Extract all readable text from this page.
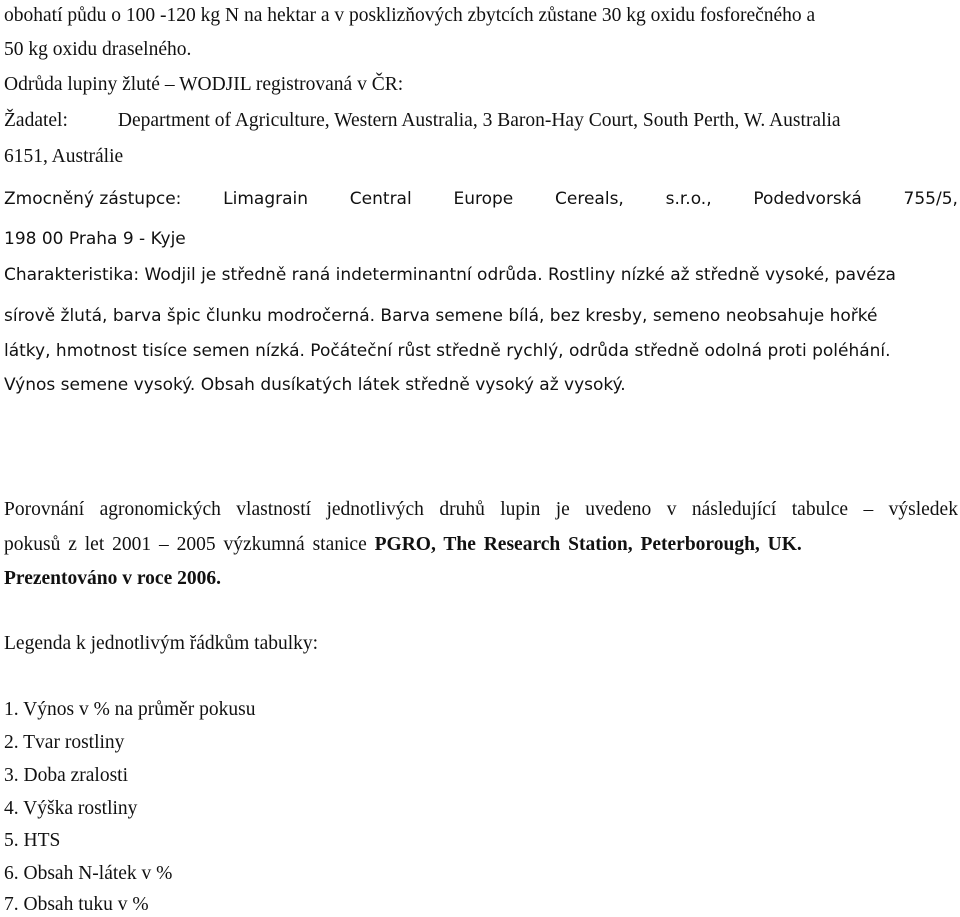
obohatí půdu o 100 -120 kg N na hektar a v posklizňových zbytcích zůstane 30 kg oxidu fosforečného a
50 kg oxidu draselného.
Odrůda lupiny žluté – WODJIL registrovaná v ČR:
Žadatel:	Department of Agriculture, Western Australia, 3 Baron-Hay Court, South Perth, W. Australia
6151, Austrálie
Zmocněný zástupce: Limagrain Central Europe Cereals, s.r.o., Podedvorská 755/5,
198 00 Praha 9 - Kyje
Charakteristika: Wodjil je středně raná indeterminantní odrůda. Rostliny nízké až středně vysoké, pavéza
sírově žlutá, barva špic člunku modročerná. Barva semene bílá, bez kresby, semeno neobsahuje hořké
látky, hmotnost tisíce semen nízká. Počáteční růst středně rychlý, odrůda středně odolná proti poléhání.
Výnos semene vysoký. Obsah dusíkatých látek středně vysoký až vysoký.
Porovnání agronomických vlastností jednotlivých druhů lupin je uvedeno v následující tabulce – výsledek
pokusů z let 2001 – 2005 výzkumná stanice PGRO, The Research Station, Peterborough, UK.
Prezentováno v roce 2006.
Legenda k jednotlivým řádkům tabulky:
1. Výnos v % na průměr pokusu
2. Tvar rostliny
3. Doba zralosti
4. Výška rostliny
5. HTS
6. Obsah N-látek v %
7. Obsah tuku v %
